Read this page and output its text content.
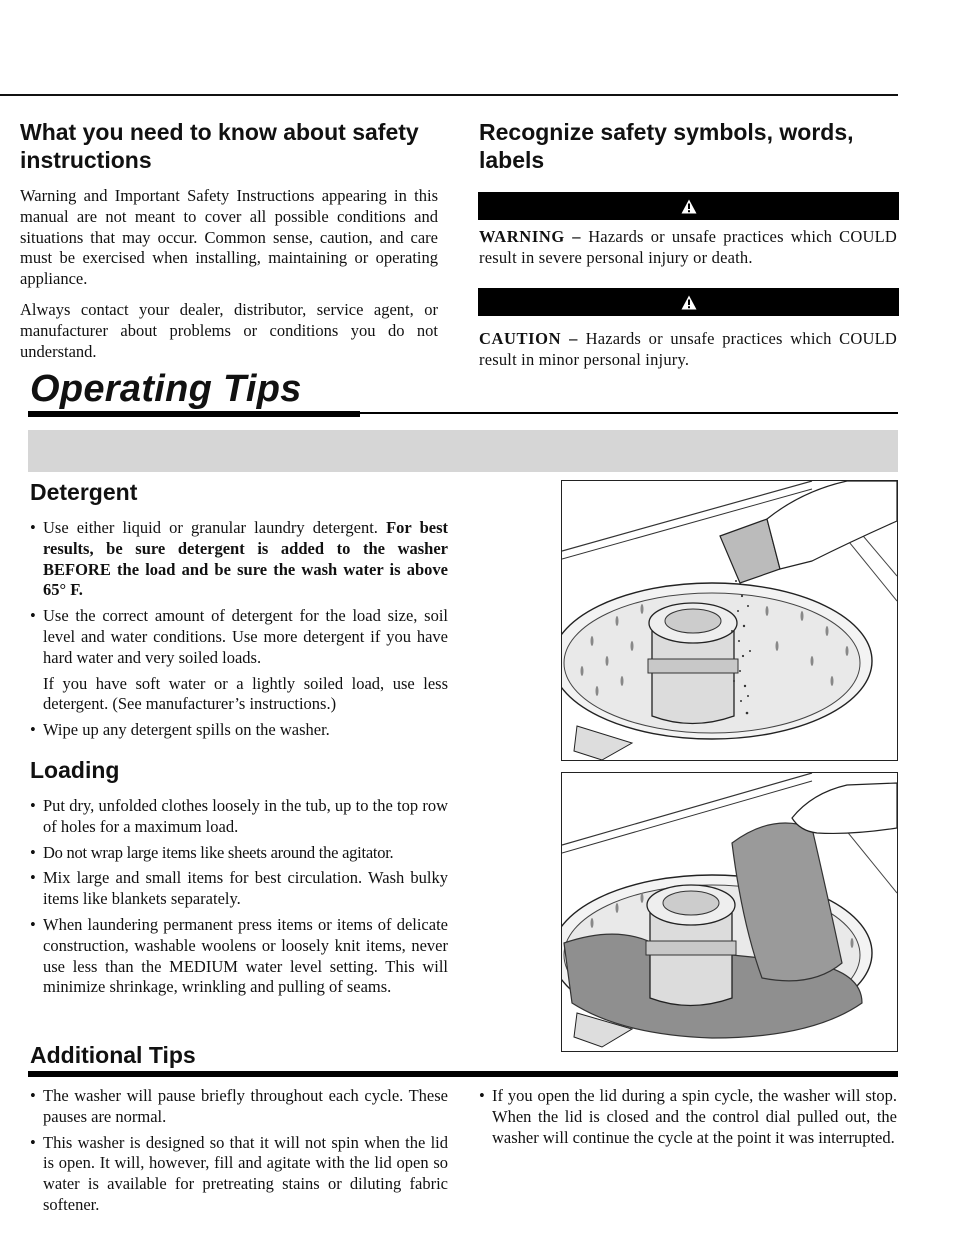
What you need to know about safety instructions

Warning and Important Safety Instructions appearing in this manual are not meant to cover all possible conditions and situations that may occur. Common sense, caution, and care must be exercised when installing, maintaining or operating appliance.

Always contact your dealer, distributor, service agent, or manufacturer about problems or conditions you do not understand.

Recognize safety symbols, words, labels

WARNING – Hazards or unsafe practices which COULD result in severe personal injury or death.

CAUTION – Hazards or unsafe practices which COULD result in minor personal injury.

Operating Tips
Detergent
• Use either liquid or granular laundry detergent. For best results, be sure detergent is added to the washer BEFORE the load and be sure the wash water is above 65° F.
• Use the correct amount of detergent for the load size, soil level and water conditions. Use more detergent if you have hard water and very soiled loads.
If you have soft water or a lightly soiled load, use less detergent. (See manufacturer’s instructions.)
• Wipe up any detergent spills on the washer.
Loading
• Put dry, unfolded clothes loosely in the tub, up to the top row of holes for a maximum load.
• Do not wrap large items like sheets around the agitator.
• Mix large and small items for best circulation. Wash bulky items like blankets separately.
• When laundering permanent press items or items of delicate construction, washable woolens or loosely knit items, never use less than the MEDIUM water level setting. This will minimize shrinkage, wrinkling and pulling of seams.
Additional Tips
• The washer will pause briefly throughout each cycle. These pauses are normal.
• This washer is designed so that it will not spin when the lid is open. It will, however, fill and agitate with the lid open so water is available for pretreating stains or diluting fabric softener.
• If you open the lid during a spin cycle, the washer will stop. When the lid is closed and the control dial pulled out, the washer will continue the cycle at the point it was interrupted.
